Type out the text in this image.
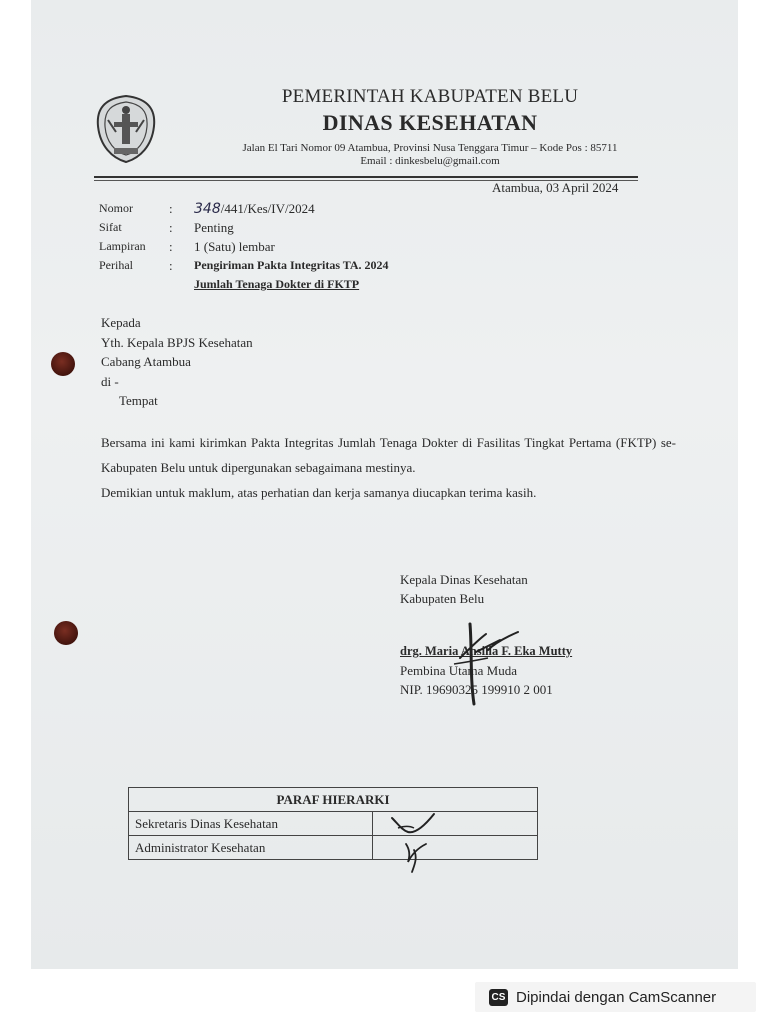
PEMERINTAH KABUPATEN BELU
DINAS KESEHATAN
Jalan El Tari Nomor 09 Atambua, Provinsi Nusa Tenggara Timur – Kode Pos : 85711
Email : dinkesbelu@gmail.com
Atambua, 03 April 2024
Nomor	:	348/441/Kes/IV/2024
Sifat	:	Penting
Lampiran	:	1 (Satu) lembar
Perihal	:	Pengiriman Pakta Integritas TA. 2024
Jumlah Tenaga Dokter di FKTP
Kepada
Yth. Kepala BPJS Kesehatan
Cabang Atambua
di -
Tempat
Bersama ini kami kirimkan Pakta Integritas Jumlah Tenaga Dokter di Fasilitas Tingkat Pertama (FKTP) se-Kabupaten Belu untuk dipergunakan sebagaimana mestinya.
Demikian untuk maklum, atas perhatian dan kerja samanya diucapkan terima kasih.
Kepala Dinas Kesehatan
Kabupaten Belu
drg. Maria Ansilla F. Eka Mutty
Pembina Utama Muda
NIP. 19690325 199910 2 001
PARAF HIERARKI	
Sekretaris Dinas Kesehatan	
Administrator Kesehatan	
CS Dipindai dengan CamScanner
